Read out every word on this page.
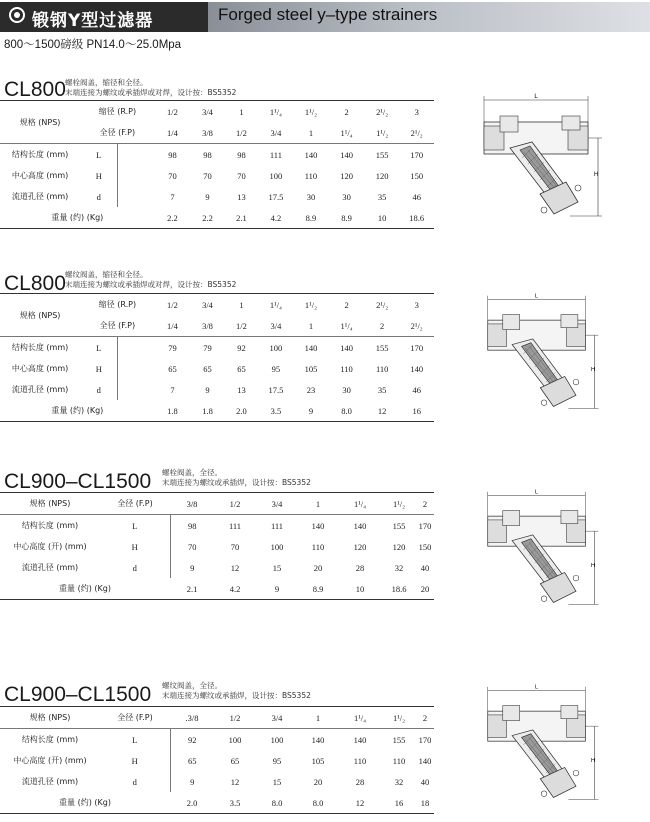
锻钢Y型过滤器	Forged steel y–type strainers
800～1500磅级 PN14.0～25.0Mpa
CL800 螺栓阀盖，缩径和全径。
末端连接为螺纹或承插焊或对焊，设计按：BS5352
规格 (NPS)	缩径 (R.P)		1/2	3/4	1	1¹/₄	1¹/₂	2	2¹/₂	3
	全径 (F.P)		1/4	3/8	1/2	3/4	1	1¹/₄	1¹/₂	2¹/₂
结构长度 (mm)	L		98	98	98	111	140	140	155	170
中心高度 (mm)	H		70	70	70	100	110	120	120	150
流道孔径 (mm)	d		7	9	13	17.5	30	30	35	46
重量 (约) (Kg)			2.2	2.2	2.1	4.2	8.9	8.9	10	18.6
L
H
CL800 螺纹阀盖，缩径和全径。
末端连接为螺纹或承插焊或对焊，设计按：BS5352
规格 (NPS)	缩径 (R.P)		1/2	3/4	1	1¹/₄	1¹/₂	2	2¹/₂	3
	全径 (F.P)		1/4	3/8	1/2	3/4	1	1¹/₄	2	2¹/₂
结构长度 (mm)	L		79	79	92	100	140	140	155	170
中心高度 (mm)	H		65	65	65	95	105	110	110	140
流道孔径 (mm)	d		7	9	13	17.5	23	30	35	46
重量 (约) (Kg)			1.8	1.8	2.0	3.5	9	8.0	12	16
L
H
CL900–CL1500 螺栓阀盖，全径。
末端连接为螺纹或承插焊，设计按：BS5352
规格 (NPS)	全径 (F.P)	3/8	1/2	3/4	1	1¹/₄	1¹/₂	2
结构长度 (mm)	L	98	111	111	140	140	155	170
中心高度 (开) (mm)	H	70	70	100	110	120	120	150
流道孔径 (mm)	d	9	12	15	20	28	32	40
重量 (约) (Kg)		2.1	4.2	9	8.9	10	18.6	20
L
H
CL900–CL1500 螺纹阀盖，全径。
末端连接为螺纹或承插焊，设计按：BS5352
规格 (NPS)	全径 (F.P)	.3/8	1/2	3/4	1	1¹/₄	1¹/₂	2
结构长度 (mm)	L	92	100	100	140	140	155	170
中心高度 (开) (mm)	H	65	65	95	105	110	110	140
流道孔径 (mm)	d	9	12	15	20	28	32	40
重量 (约) (Kg)		2.0	3.5	8.0	8.0	12	16	18
L
H
